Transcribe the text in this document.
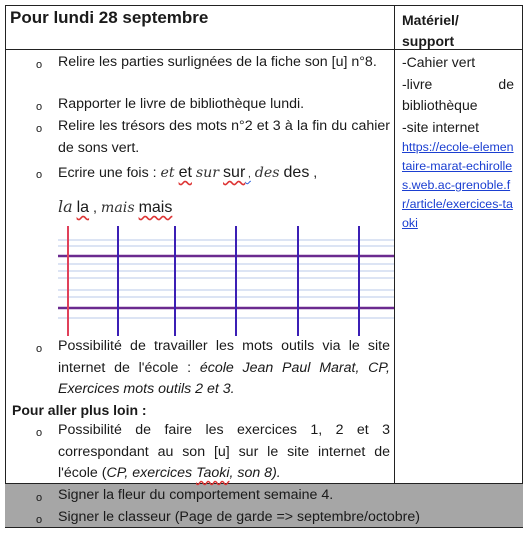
Pour lundi 28 septembre	Matériel/
support
o Relire les parties surlignées de la fiche son [u] n°8.
o Rapporter le livre de bibliothèque lundi.
o Relire les trésors des mots n°2 et 3 à la fin du cahier de sons vert.
o Ecrire une fois : et et sur sur , des des ,
la la , mais mais
o Possibilité de travailler les mots outils via le site internet de l'école : école Jean Paul Marat, CP, Exercices mots outils 2 et 3.
Pour aller plus loin :
o Possibilité de faire les exercices 1, 2 et 3 correspondant au son [u] sur le site internet de l'école (CP, exercices Taoki, son 8).
-Cahier vert
-livre	de
bibliothèque
-site internet
https://ecole-elementaire-marat-echirolles.web.ac-grenoble.fr/article/exercices-taoki
o Signer la fleur du comportement semaine 4.
o Signer le classeur (Page de garde => septembre/octobre)
